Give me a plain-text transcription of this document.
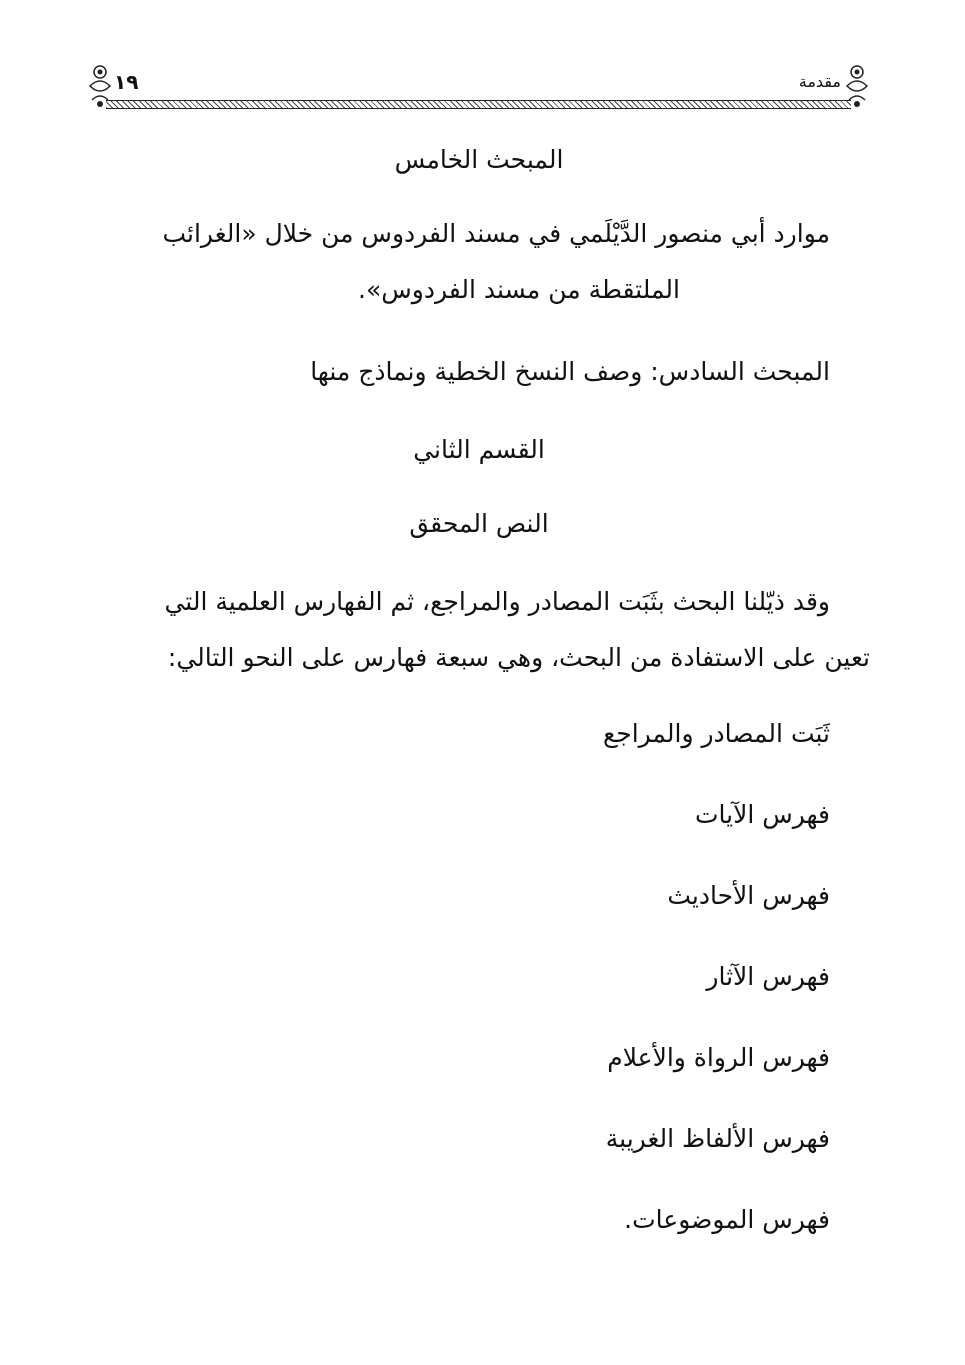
١٩	مقدمة

المبحث الخامس

موارد أبي منصور الدَّيْلَمي في مسند الفردوس من خلال «الغرائب

الملتقطة من مسند الفردوس».

المبحث السادس: وصف النسخ الخطية ونماذج منها

القسم الثاني

النص المحقق

وقد ذيّلنا البحث بثَبَت المصادر والمراجع، ثم الفهارس العلمية التي

تعين على الاستفادة من البحث، وهي سبعة فهارس على النحو التالي:

ثَبَت المصادر والمراجع
فهرس الآيات
فهرس الأحاديث
فهرس الآثار
فهرس الرواة والأعلام
فهرس الألفاظ الغريبة
فهرس الموضوعات.
